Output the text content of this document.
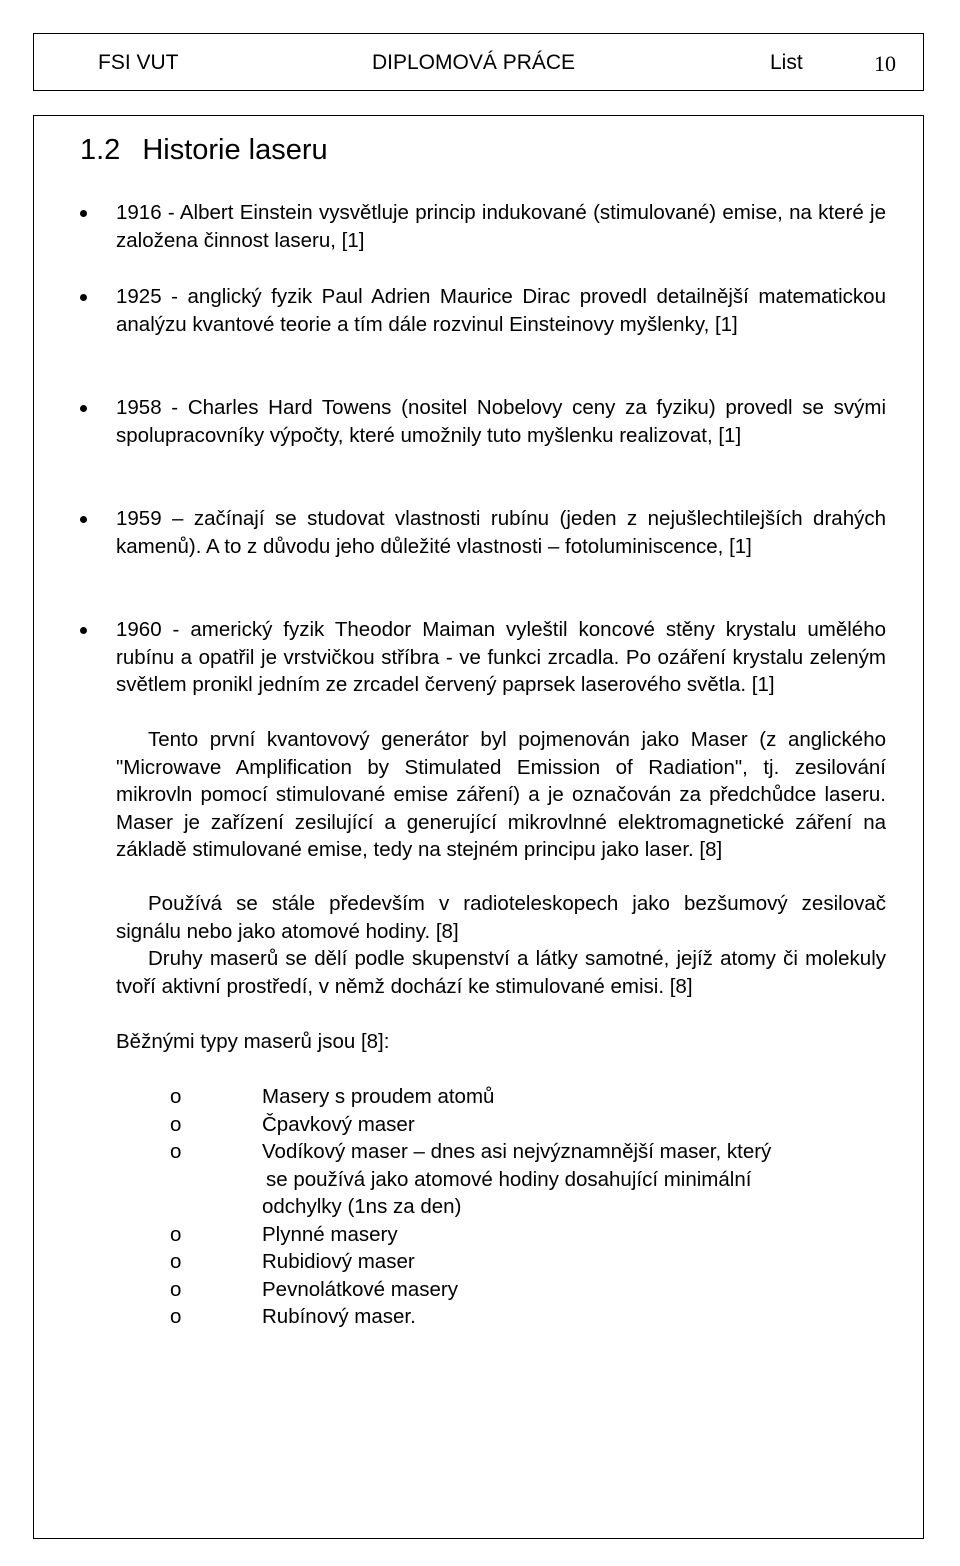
FSI VUT	DIPLOMOVÁ PRÁCE	List	10
1.2 Historie laseru

1916 - Albert Einstein vysvětluje princip indukované (stimulované) emise, na které je založena činnost laseru, [1]

1925 - anglický fyzik Paul Adrien Maurice Dirac provedl detailnější matematickou analýzu kvantové teorie a tím dále rozvinul Einsteinovy myšlenky, [1]

1958 - Charles Hard Towens (nositel Nobelovy ceny za fyziku) provedl se svými spolupracovníky výpočty, které umožnily tuto myšlenku realizovat, [1]

1959 – začínají se studovat vlastnosti rubínu (jeden z nejušlechtilejších drahých kamenů). A to z důvodu jeho důležité vlastnosti – fotoluminiscence, [1]

1960 - americký fyzik Theodor Maiman vyleštil koncové stěny krystalu umělého rubínu a opatřil je vrstvičkou stříbra - ve funkci zrcadla. Po ozáření krystalu zeleným světlem pronikl jedním ze zrcadel červený paprsek laserového světla. [1]

Tento první kvantovový generátor byl pojmenován jako Maser (z anglického "Microwave Amplification by Stimulated Emission of Radiation", tj. zesilování mikrovln pomocí stimulované emise záření) a je označován za předchůdce laseru. Maser je zařízení zesilující a generující mikrovlnné elektromagnetické záření na základě stimulované emise, tedy na stejném principu jako laser. [8]

Používá se stále především v radioteleskopech jako bezšumový zesilovač signálu nebo jako atomové hodiny. [8]

Druhy maserů se dělí podle skupenství a látky samotné, jejíž atomy či molekuly tvoří aktivní prostředí, v němž dochází ke stimulované emisi. [8]

Běžnými typy maserů jsou [8]:

o	Masery s proudem atomů
o	Čpavkový maser
o	Vodíkový maser – dnes asi nejvýznamnější maser, který
se používá jako atomové hodiny dosahující minimální
odchylky (1ns za den)
o	Plynné masery
o	Rubidiový maser
o	Pevnolátkové masery
o	Rubínový maser.
